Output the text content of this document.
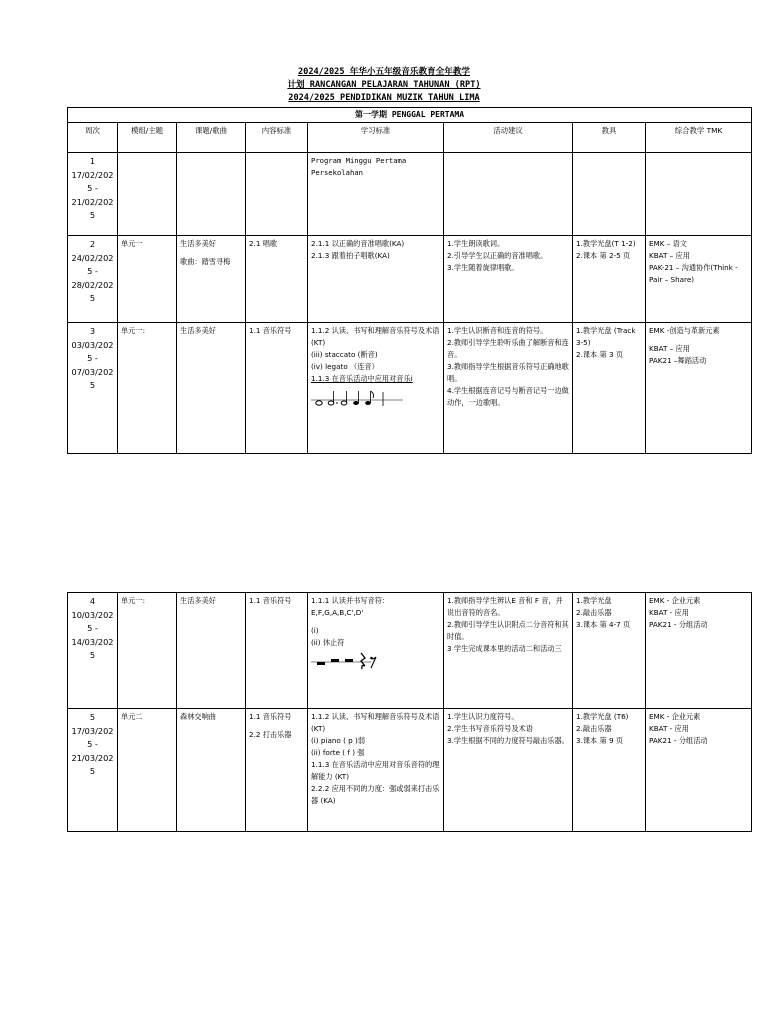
2024/2025 年华小五年级音乐教育全年教学
计划 RANCANGAN PELAJARAN TAHUNAN (RPT)
2024/2025 PENDIDIKAN MUZIK TAHUN LIMA
第一学期 PENGGAL PERTAMA							
周次	模组/主题	课题/歌曲	内容标准	学习标准	活动建议	教具	综合教学 TMK

1
17/02/202
5 -
21/02/202
5				Program Minggu Pertama
Persekolahan			

2
24/02/202
5 -
28/02/202
5	单元一	生活多美好
歌曲：踏雪寻梅	2.1 唱歌	2.1.1 以正确的音准唱歌(KA)
2.1.3 跟着拍子唱歌(KA)	1.学生朗读歌词。
2.引导学生以正确的音准唱歌。
3.学生随着旋律唱歌。	1.教学光盘(T 1-2)
2.课本 第 2-5 页	EMK – 语文
KBAT – 应用
PAK-21 – 沟通协作(Think - Pair – Share)

3
03/03/202
5 -
07/03/202
5	单元一:	生活多美好	1.1 音乐符号	1.1.2 认读、书写和理解音乐符号及术语(KT)
(iii) staccato (断音)
(iv) legato （连音）
1.1.3 在音乐活动中应用对音乐i	1.学生认识断音和连音的符号。
2.教师引导学生聆听乐曲了解断音和连音。
3.教师指导学生根据音乐符号正确地歌唱。
4.学生根据连音记号与断音记号一边做动作，一边歌唱。	1.教学光盘 (Track 3-5)
2.课本 第 3 页	EMK -创造与革新元素
KBAT – 应用
PAK21 –舞蹈活动
4
10/03/202
5 -
14/03/202
5	单元一:	生活多美好	1.1 音乐符号	1.1.1 认读并书写音符：
E,F,G,A,B,C',D'
(i)
(ii) 休止符	1.教师指导学生辨认E 音和 F 音，并说出音符的音名。
2.教师引导学生认识附点二分音符和其时值。
3 学生完成课本里的活动二和活动三	1.教学光盘
2.敲击乐器
3.课本 第 4-7 页	EMK - 企业元素
KBAT - 应用
PAK21 - 分组活动

5
17/03/202
5 -
21/03/202
5	单元二	森林交响曲	1.1 音乐符号
2.2 打击乐器	1.1.2 认读、书写和理解音乐符号及术语(KT)
(i) piano ( p )弱
(ii) forte ( f ) 强
1.1.3 在音乐活动中应用对音乐音符的理解能力 (KT)
2.2.2 应用不同的力度：强或弱来打击乐器 (KA)	1.学生认识力度符号。
2.学生书写音乐符号及术语
3.学生根据不同的力度符号敲击乐器。	1.教学光盘 (T6)
2.敲击乐器
3.课本 第 9 页	EMK - 企业元素
KBAT - 应用
PAK21 - 分组活动
